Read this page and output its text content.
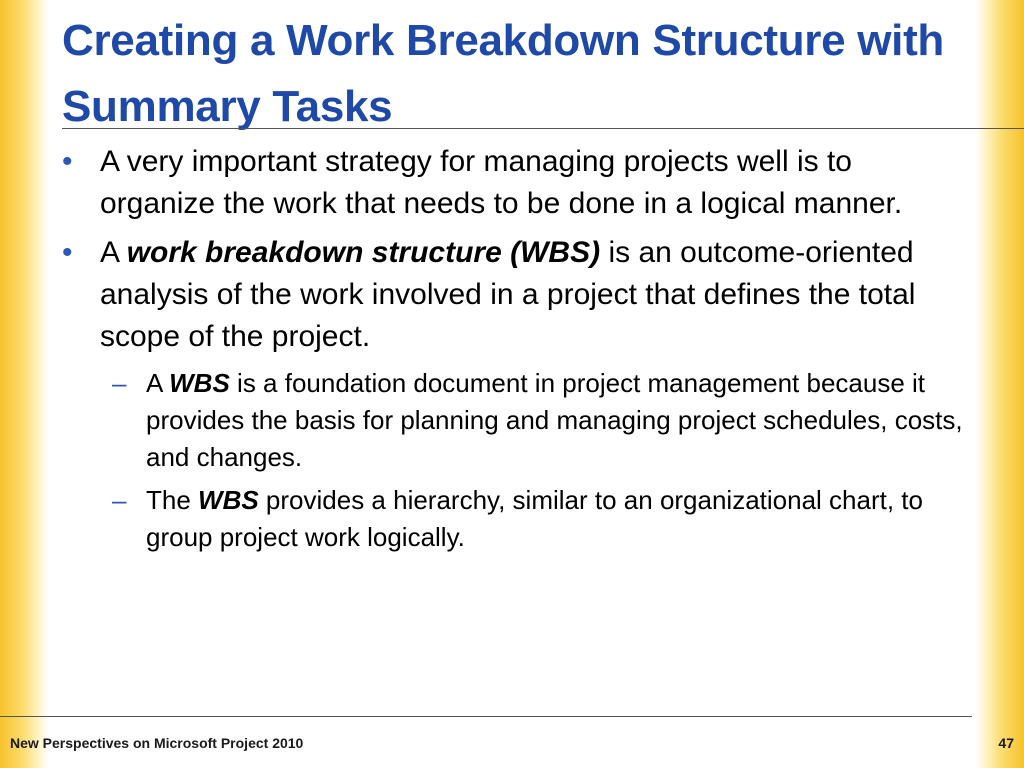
Creating a Work Breakdown Structure with Summary Tasks
• A very important strategy for managing projects well is to organize the work that needs to be done in a logical manner.
• A work breakdown structure (WBS) is an outcome-oriented analysis of the work involved in a project that defines the total scope of the project.
– A WBS is a foundation document in project management because it provides the basis for planning and managing project schedules, costs, and changes.
– The WBS provides a hierarchy, similar to an organizational chart, to group project work logically.
New Perspectives on Microsoft Project 2010	47
